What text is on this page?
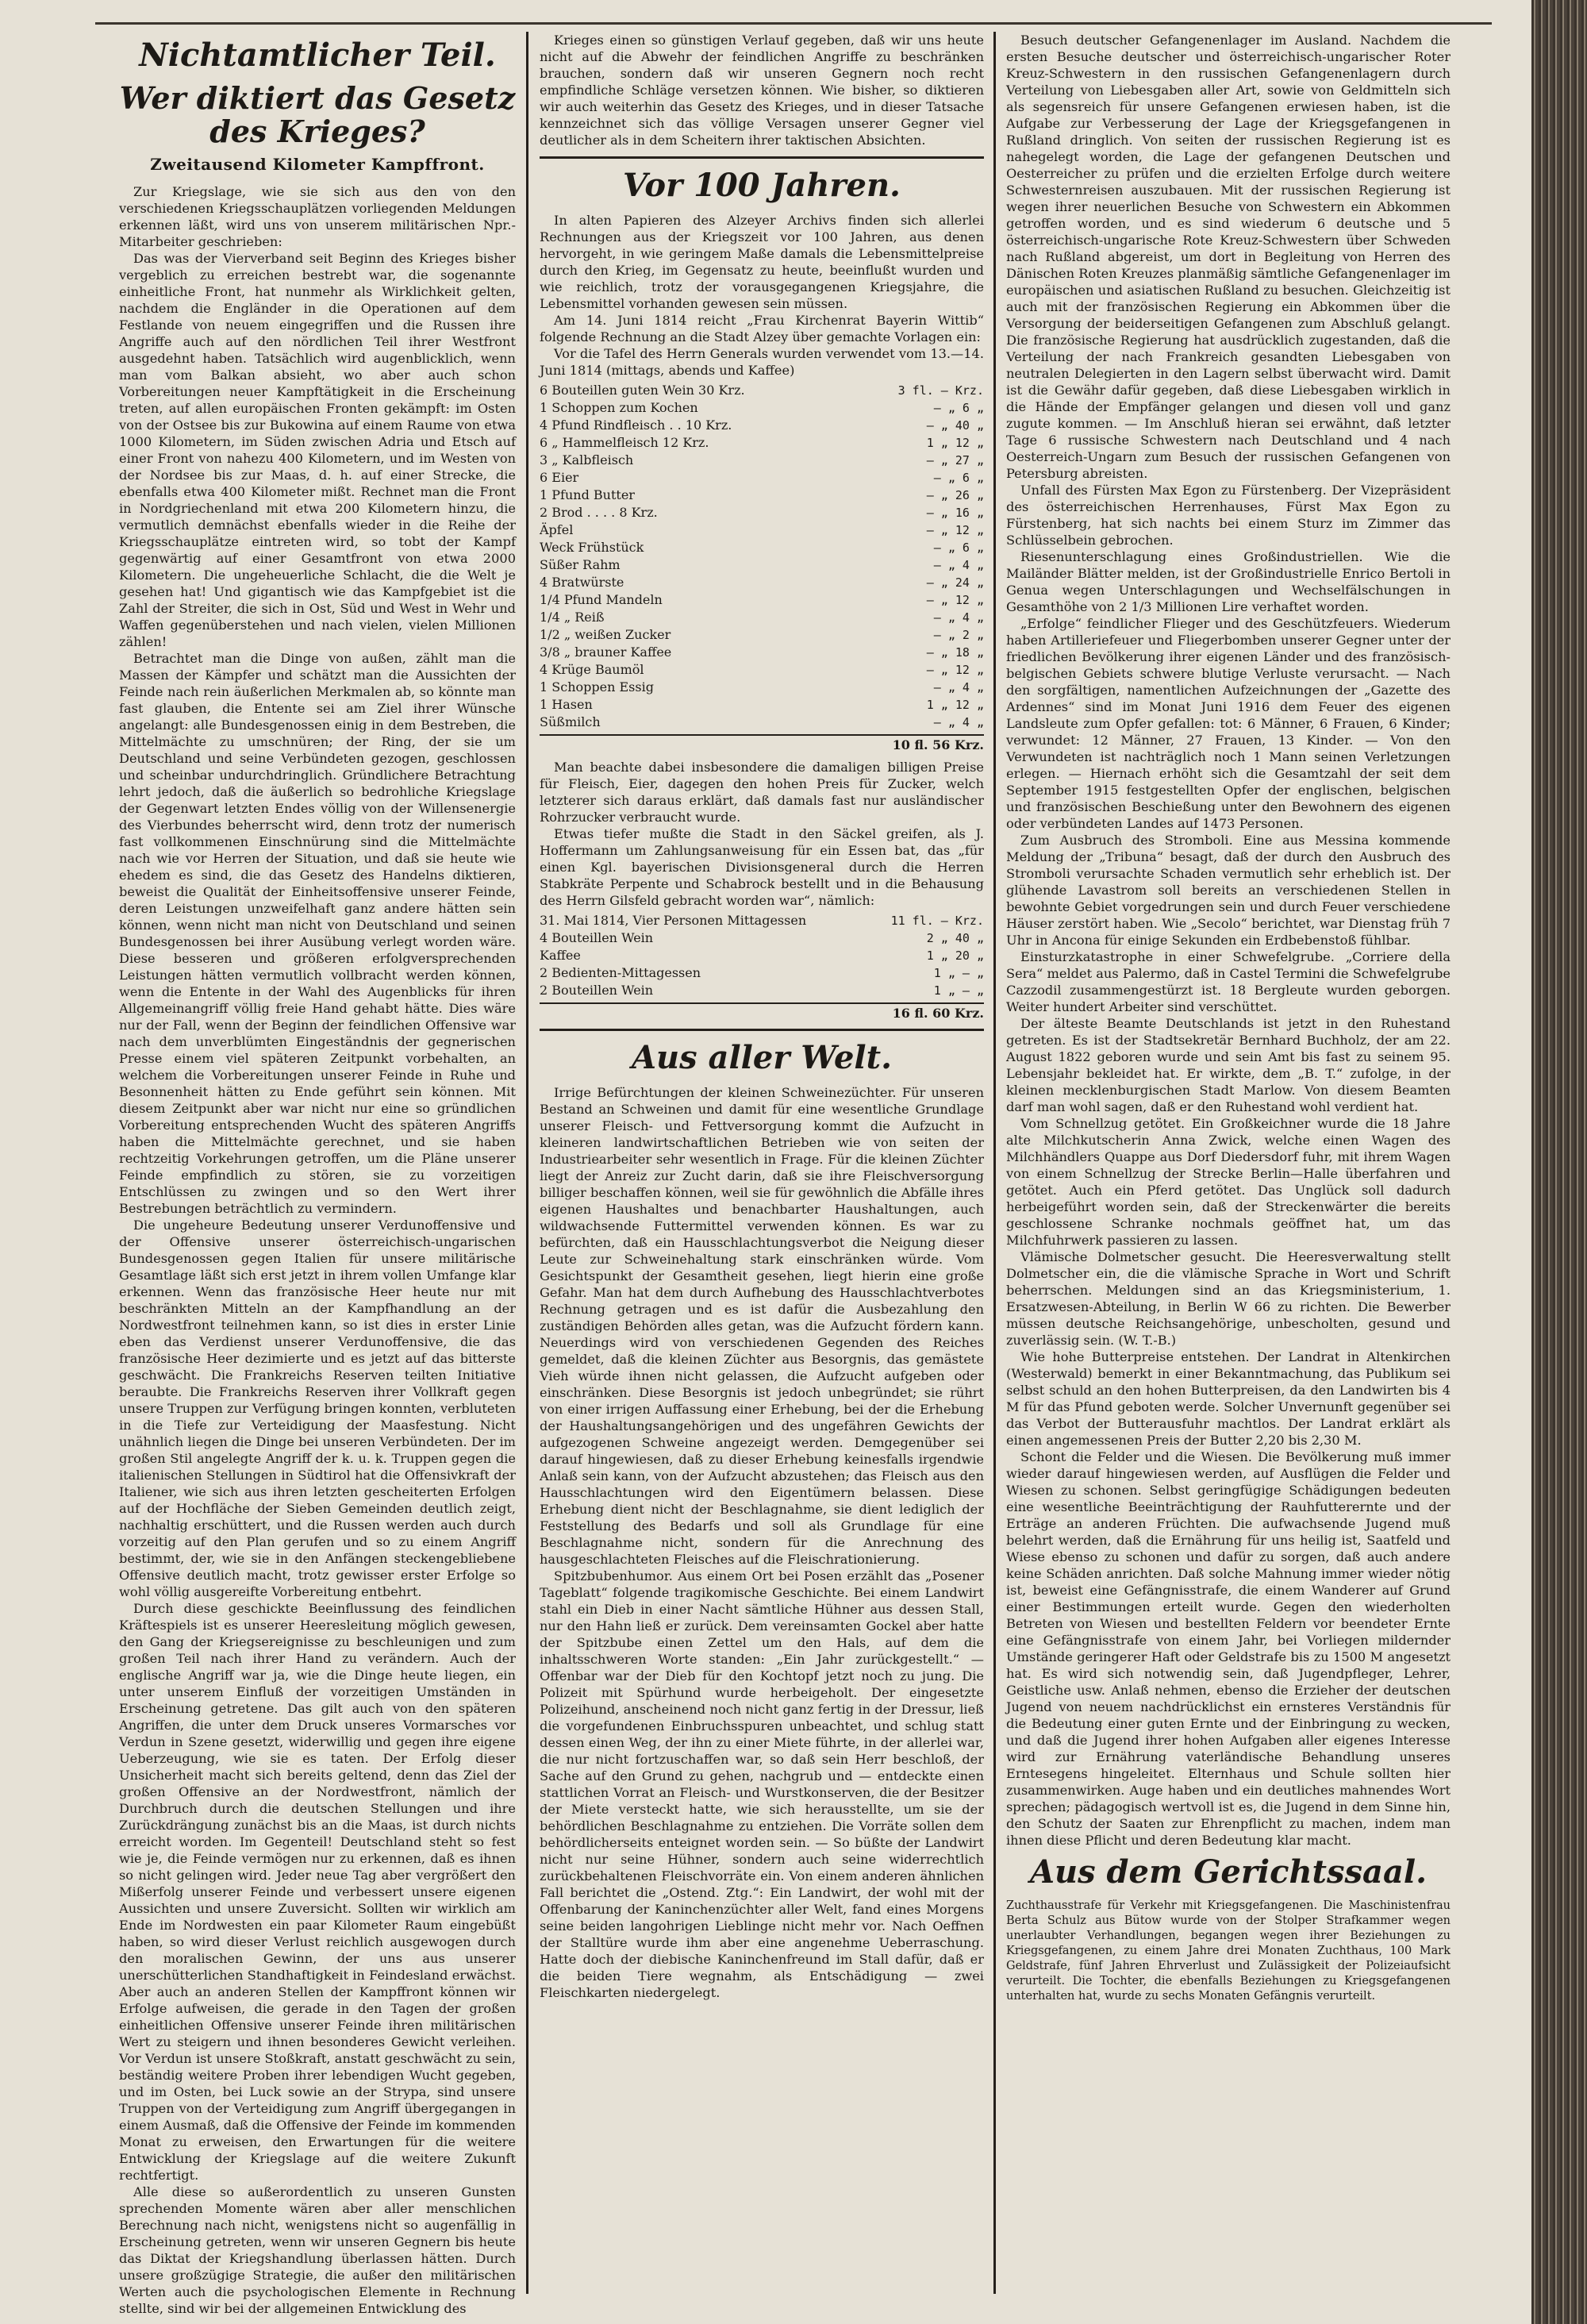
Nichtamtlicher Teil.
Wer diktiert das Gesetz des Krieges?
Zweitausend Kilometer Kampffront.

Zur Kriegslage, wie sie sich aus den von den verschiedenen Kriegsschauplätzen vorliegenden Meldungen erkennen läßt, wird uns von unserem militärischen Npr.-Mitarbeiter geschrieben:

Das was der Vierverband seit Beginn des Krieges bisher vergeblich zu erreichen bestrebt war, die sogenannte einheitliche Front, hat nunmehr als Wirklichkeit gelten, nachdem die Engländer in die Operationen auf dem Festlande von neuem eingegriffen und die Russen ihre Angriffe auch auf den nördlichen Teil ihrer Westfront ausgedehnt haben. Tatsächlich wird augenblicklich, wenn man vom Balkan absieht, wo aber auch schon Vorbereitungen neuer Kampftätigkeit in die Erscheinung treten, auf allen europäischen Fronten gekämpft: im Osten von der Ostsee bis zur Bukowina auf einem Raume von etwa 1000 Kilometern, im Süden zwischen Adria und Etsch auf einer Front von nahezu 400 Kilometern, und im Westen von der Nordsee bis zur Maas, d. h. auf einer Strecke, die ebenfalls etwa 400 Kilometer mißt. Rechnet man die Front in Nordgriechenland mit etwa 200 Kilometern hinzu, die vermutlich demnächst ebenfalls wieder in die Reihe der Kriegsschauplätze eintreten wird, so tobt der Kampf gegenwärtig auf einer Gesamtfront von etwa 2000 Kilometern. Die ungeheuerliche Schlacht, die die Welt je gesehen hat! Und gigantisch wie das Kampfgebiet ist die Zahl der Streiter, die sich in Ost, Süd und West in Wehr und Waffen gegenüberstehen und nach vielen, vielen Millionen zählen!

Betrachtet man die Dinge von außen, zählt man die Massen der Kämpfer und schätzt man die Aussichten der Feinde nach rein äußerlichen Merkmalen ab, so könnte man fast glauben, die Entente sei am Ziel ihrer Wünsche angelangt: alle Bundesgenossen einig in dem Bestreben, die Mittelmächte zu umschnüren; der Ring, der sie um Deutschland und seine Verbündeten gezogen, geschlossen und scheinbar undurchdringlich. Gründlichere Betrachtung lehrt jedoch, daß die äußerlich so bedrohliche Kriegslage der Gegenwart letzten Endes völlig von der Willensenergie des Vierbundes beherrscht wird, denn trotz der numerisch fast vollkommenen Einschnürung sind die Mittelmächte nach wie vor Herren der Situation, und daß sie heute wie ehedem es sind, die das Gesetz des Handelns diktieren, beweist die Qualität der Einheitsoffensive unserer Feinde, deren Leistungen unzweifelhaft ganz andere hätten sein können, wenn nicht man nicht von Deutschland und seinen Bundesgenossen bei ihrer Ausübung verlegt worden wäre. Diese besseren und größeren erfolgversprechenden Leistungen hätten vermutlich vollbracht werden können, wenn die Entente in der Wahl des Augenblicks für ihren Allgemeinangriff völlig freie Hand gehabt hätte. Dies wäre nur der Fall, wenn der Beginn der feindlichen Offensive war nach dem unverblümten Eingeständnis der gegnerischen Presse einem viel späteren Zeitpunkt vorbehalten, an welchem die Vorbereitungen unserer Feinde in Ruhe und Besonnenheit hätten zu Ende geführt sein können. Mit diesem Zeitpunkt aber war nicht nur eine so gründlichen Vorbereitung entsprechenden Wucht des späteren Angriffs haben die Mittelmächte gerechnet, und sie haben rechtzeitig Vorkehrungen getroffen, um die Pläne unserer Feinde empfindlich zu stören, sie zu vorzeitigen Entschlüssen zu zwingen und so den Wert ihrer Bestrebungen beträchtlich zu vermindern.

Die ungeheure Bedeutung unserer Verdunoffensive und der Offensive unserer österreichisch-ungarischen Bundesgenossen gegen Italien für unsere militärische Gesamtlage läßt sich erst jetzt in ihrem vollen Umfange klar erkennen. Wenn das französische Heer heute nur mit beschränkten Mitteln an der Kampfhandlung an der Nordwestfront teilnehmen kann, so ist dies in erster Linie eben das Verdienst unserer Verdunoffensive, die das französische Heer dezimierte und es jetzt auf das bitterste geschwächt. Die Frankreichs Reserven teilten Initiative beraubte. Die Frankreichs Reserven ihrer Vollkraft gegen unsere Truppen zur Verfügung bringen konnten, verbluteten in die Tiefe zur Verteidigung der Maasfestung. Nicht unähnlich liegen die Dinge bei unseren Verbündeten. Der im großen Stil angelegte Angriff der k. u. k. Truppen gegen die italienischen Stellungen in Südtirol hat die Offensivkraft der Italiener, wie sich aus ihren letzten gescheiterten Erfolgen auf der Hochfläche der Sieben Gemeinden deutlich zeigt, nachhaltig erschüttert, und die Russen werden auch durch vorzeitig auf den Plan gerufen und so zu einem Angriff bestimmt, der, wie sie in den Anfängen steckengebliebene Offensive deutlich macht, trotz gewisser erster Erfolge so wohl völlig ausgereifte Vorbereitung entbehrt.

Durch diese geschickte Beeinflussung des feindlichen Kräftespiels ist es unserer Heeresleitung möglich gewesen, den Gang der Kriegsereignisse zu beschleunigen und zum großen Teil nach ihrer Hand zu verändern. Auch der englische Angriff war ja, wie die Dinge heute liegen, ein unter unserem Einfluß der vorzeitigen Umständen in Erscheinung getretene. Das gilt auch von den späteren Angriffen, die unter dem Druck unseres Vormarsches vor Verdun in Szene gesetzt, widerwillig und gegen ihre eigene Ueberzeugung, wie sie es taten. Der Erfolg dieser Unsicherheit macht sich bereits geltend, denn das Ziel der großen Offensive an der Nordwestfront, nämlich der Durchbruch durch die deutschen Stellungen und ihre Zurückdrängung zunächst bis an die Maas, ist durch nichts erreicht worden. Im Gegenteil! Deutschland steht so fest wie je, die Feinde vermögen nur zu erkennen, daß es ihnen so nicht gelingen wird. Jeder neue Tag aber vergrößert den Mißerfolg unserer Feinde und verbessert unsere eigenen Aussichten und unsere Zuversicht. Sollten wir wirklich am Ende im Nordwesten ein paar Kilometer Raum eingebüßt haben, so wird dieser Verlust reichlich ausgewogen durch den moralischen Gewinn, der uns aus unserer unerschütterlichen Standhaftigkeit in Feindesland erwächst. Aber auch an anderen Stellen der Kampffront können wir Erfolge aufweisen, die gerade in den Tagen der großen einheitlichen Offensive unserer Feinde ihren militärischen Wert zu steigern und ihnen besonderes Gewicht verleihen. Vor Verdun ist unsere Stoßkraft, anstatt geschwächt zu sein, beständig weitere Proben ihrer lebendigen Wucht gegeben, und im Osten, bei Luck sowie an der Strypa, sind unsere Truppen von der Verteidigung zum Angriff übergegangen in einem Ausmaß, daß die Offensive der Feinde im kommenden Monat zu erweisen, den Erwartungen für die weitere Entwicklung der Kriegslage auf die weitere Zukunft rechtfertigt.

Alle diese so außerordentlich zu unseren Gunsten sprechenden Momente wären aber aller menschlichen Berechnung nach nicht, wenigstens nicht so augenfällig in Erscheinung getreten, wenn wir unseren Gegnern bis heute das Diktat der Kriegshandlung überlassen hätten. Durch unsere großzügige Strategie, die außer den militärischen Werten auch die psychologischen Elemente in Rechnung stellte, sind wir bei der allgemeinen Entwicklung des

Krieges einen so günstigen Verlauf gegeben, daß wir uns heute nicht auf die Abwehr der feindlichen Angriffe zu beschränken brauchen, sondern daß wir unseren Gegnern noch recht empfindliche Schläge versetzen können. Wie bisher, so diktieren wir auch weiterhin das Gesetz des Krieges, und in dieser Tatsache kennzeichnet sich das völlige Versagen unserer Gegner viel deutlicher als in dem Scheitern ihrer taktischen Absichten.

Vor 100 Jahren.

In alten Papieren des Alzeyer Archivs finden sich allerlei Rechnungen aus der Kriegszeit vor 100 Jahren, aus denen hervorgeht, in wie geringem Maße damals die Lebensmittelpreise durch den Krieg, im Gegensatz zu heute, beeinflußt wurden und wie reichlich, trotz der vorausgegangenen Kriegsjahre, die Lebensmittel vorhanden gewesen sein müssen.

Am 14. Juni 1814 reicht „Frau Kirchenrat Bayerin Wittib“ folgende Rechnung an die Stadt Alzey über gemachte Vorlagen ein:

Vor die Tafel des Herrn Generals wurden verwendet vom 13.—14. Juni 1814 (mittags, abends und Kaffee)

6 Bouteillen guten Wein 30 Krz.	3 fl. — Krz.
1 Schoppen zum Kochen	— „ 6 „
4 Pfund Rindfleisch . . 10 Krz.	— „ 40 „
6 „ Hammelfleisch 12 Krz.	1 „ 12 „
3 „ Kalbfleisch	— „ 27 „
6 Eier	— „ 6 „
1 Pfund Butter	— „ 26 „
2 Brod . . . . 8 Krz.	— „ 16 „
Äpfel	— „ 12 „
Weck Frühstück	— „ 6 „
Süßer Rahm	— „ 4 „
4 Bratwürste	— „ 24 „
1/4 Pfund Mandeln	— „ 12 „
1/4 „ Reiß	— „ 4 „
1/2 „ weißen Zucker	— „ 2 „
3/8 „ brauner Kaffee	— „ 18 „
4 Krüge Baumöl	— „ 12 „
1 Schoppen Essig	— „ 4 „
1 Hasen	1 „ 12 „
Süßmilch	— „ 4 „
10 fl. 56 Krz.

Man beachte dabei insbesondere die damaligen billigen Preise für Fleisch, Eier, dagegen den hohen Preis für Zucker, welch letzterer sich daraus erklärt, daß damals fast nur ausländischer Rohrzucker verbraucht wurde.

Etwas tiefer mußte die Stadt in den Säckel greifen, als J. Hoffermann um Zahlungsanweisung für ein Essen bat, das „für einen Kgl. bayerischen Divisionsgeneral durch die Herren Stabkräte Perpente und Schabrock bestellt und in die Behausung des Herrn Gilsfeld gebracht worden war“, nämlich:

31. Mai 1814, Vier Personen Mittagessen	11 fl. — Krz.
4 Bouteillen Wein	2 „ 40 „
Kaffee	1 „ 20 „
2 Bedienten-Mittagessen	1 „ — „
2 Bouteillen Wein	1 „ — „
16 fl. 60 Krz.
Aus aller Welt.

Irrige Befürchtungen der kleinen Schweinezüchter. Für unseren Bestand an Schweinen und damit für eine wesentliche Grundlage unserer Fleisch- und Fettversorgung kommt die Aufzucht in kleineren landwirtschaftlichen Betrieben wie von seiten der Industriearbeiter sehr wesentlich in Frage. Für die kleinen Züchter liegt der Anreiz zur Zucht darin, daß sie ihre Fleischversorgung billiger beschaffen können, weil sie für gewöhnlich die Abfälle ihres eigenen Haushaltes und benachbarter Haushaltungen, auch wildwachsende Futtermittel verwenden können. Es war zu befürchten, daß ein Hausschlachtungsverbot die Neigung dieser Leute zur Schweinehaltung stark einschränken würde. Vom Gesichtspunkt der Gesamtheit gesehen, liegt hierin eine große Gefahr. Man hat dem durch Aufhebung des Hausschlachtverbotes Rechnung getragen und es ist dafür die Ausbezahlung den zuständigen Behörden alles getan, was die Aufzucht fördern kann. Neuerdings wird von verschiedenen Gegenden des Reiches gemeldet, daß die kleinen Züchter aus Besorgnis, das gemästete Vieh würde ihnen nicht gelassen, die Aufzucht aufgeben oder einschränken. Diese Besorgnis ist jedoch unbegründet; sie rührt von einer irrigen Auffassung einer Erhebung, bei der die Erhebung der Haushaltungsangehörigen und des ungefähren Gewichts der aufgezogenen Schweine angezeigt werden. Demgegenüber sei darauf hingewiesen, daß zu dieser Erhebung keinesfalls irgendwie Anlaß sein kann, von der Aufzucht abzustehen; das Fleisch aus den Hausschlachtungen wird den Eigentümern belassen. Diese Erhebung dient nicht der Beschlagnahme, sie dient lediglich der Feststellung des Bedarfs und soll als Grundlage für eine Beschlagnahme nicht, sondern für die Anrechnung des hausgeschlachteten Fleisches auf die Fleischrationierung.

Spitzbubenhumor. Aus einem Ort bei Posen erzählt das „Posener Tageblatt“ folgende tragikomische Geschichte. Bei einem Landwirt stahl ein Dieb in einer Nacht sämtliche Hühner aus dessen Stall, nur den Hahn ließ er zurück. Dem vereinsamten Gockel aber hatte der Spitzbube einen Zettel um den Hals, auf dem die inhaltsschweren Worte standen: „Ein Jahr zurückgestellt.“ — Offenbar war der Dieb für den Kochtopf jetzt noch zu jung. Die Polizeit mit Spürhund wurde herbeigeholt. Der eingesetzte Polizeihund, anscheinend noch nicht ganz fertig in der Dressur, ließ die vorgefundenen Einbruchsspuren unbeachtet, und schlug statt dessen einen Weg, der ihn zu einer Miete führte, in der allerlei war, die nur nicht fortzuschaffen war, so daß sein Herr beschloß, der Sache auf den Grund zu gehen, nachgrub und — entdeckte einen stattlichen Vorrat an Fleisch- und Wurstkonserven, die der Besitzer der Miete versteckt hatte, wie sich herausstellte, um sie der behördlichen Beschlagnahme zu entziehen. Die Vorräte sollen dem behördlicherseits enteignet worden sein. — So büßte der Landwirt nicht nur seine Hühner, sondern auch seine widerrechtlich zurückbehaltenen Fleischvorräte ein. Von einem anderen ähnlichen Fall berichtet die „Ostend. Ztg.“: Ein Landwirt, der wohl mit der Offenbarung der Kaninchenzüchter aller Welt, fand eines Morgens seine beiden langohrigen Lieblinge nicht mehr vor. Nach Oeffnen der Stalltüre wurde ihm aber eine angenehme Ueberraschung. Hatte doch der diebische Kaninchenfreund im Stall dafür, daß er die beiden Tiere wegnahm, als Entschädigung — zwei Fleischkarten niedergelegt.

Besuch deutscher Gefangenenlager im Ausland. Nachdem die ersten Besuche deutscher und österreichisch-ungarischer Roter Kreuz-Schwestern in den russischen Gefangenenlagern durch Verteilung von Liebesgaben aller Art, sowie von Geldmitteln sich als segensreich für unsere Gefangenen erwiesen haben, ist die Aufgabe zur Verbesserung der Lage der Kriegsgefangenen in Rußland dringlich. Von seiten der russischen Regierung ist es nahegelegt worden, die Lage der gefangenen Deutschen und Oesterreicher zu prüfen und die erzielten Erfolge durch weitere Schwesternreisen auszubauen. Mit der russischen Regierung ist wegen ihrer neuerlichen Besuche von Schwestern ein Abkommen getroffen worden, und es sind wiederum 6 deutsche und 5 österreichisch-ungarische Rote Kreuz-Schwestern über Schweden nach Rußland abgereist, um dort in Begleitung von Herren des Dänischen Roten Kreuzes planmäßig sämtliche Gefangenenlager im europäischen und asiatischen Rußland zu besuchen. Gleichzeitig ist auch mit der französischen Regierung ein Abkommen über die Versorgung der beiderseitigen Gefangenen zum Abschluß gelangt. Die französische Regierung hat ausdrücklich zugestanden, daß die Verteilung der nach Frankreich gesandten Liebesgaben von neutralen Delegierten in den Lagern selbst überwacht wird. Damit ist die Gewähr dafür gegeben, daß diese Liebesgaben wirklich in die Hände der Empfänger gelangen und diesen voll und ganz zugute kommen. — Im Anschluß hieran sei erwähnt, daß letzter Tage 6 russische Schwestern nach Deutschland und 4 nach Oesterreich-Ungarn zum Besuch der russischen Gefangenen von Petersburg abreisten.

Unfall des Fürsten Max Egon zu Fürstenberg. Der Vizepräsident des österreichischen Herrenhauses, Fürst Max Egon zu Fürstenberg, hat sich nachts bei einem Sturz im Zimmer das Schlüsselbein gebrochen.

Riesenunterschlagung eines Großindustriellen. Wie die Mailänder Blätter melden, ist der Großindustrielle Enrico Bertoli in Genua wegen Unterschlagungen und Wechselfälschungen in Gesamthöhe von 2 1/3 Millionen Lire verhaftet worden.

„Erfolge“ feindlicher Flieger und des Geschützfeuers. Wiederum haben Artilleriefeuer und Fliegerbomben unserer Gegner unter der friedlichen Bevölkerung ihrer eigenen Länder und des französisch-belgischen Gebiets schwere blutige Verluste verursacht. — Nach den sorgfältigen, namentlichen Aufzeichnungen der „Gazette des Ardennes“ sind im Monat Juni 1916 dem Feuer des eigenen Landsleute zum Opfer gefallen: tot: 6 Männer, 6 Frauen, 6 Kinder; verwundet: 12 Männer, 27 Frauen, 13 Kinder. — Von den Verwundeten ist nachträglich noch 1 Mann seinen Verletzungen erlegen. — Hiernach erhöht sich die Gesamtzahl der seit dem September 1915 festgestellten Opfer der englischen, belgischen und französischen Beschießung unter den Bewohnern des eigenen oder verbündeten Landes auf 1473 Personen.

Zum Ausbruch des Stromboli. Eine aus Messina kommende Meldung der „Tribuna“ besagt, daß der durch den Ausbruch des Stromboli verursachte Schaden vermutlich sehr erheblich ist. Der glühende Lavastrom soll bereits an verschiedenen Stellen in bewohnte Gebiet vorgedrungen sein und durch Feuer verschiedene Häuser zerstört haben. Wie „Secolo“ berichtet, war Dienstag früh 7 Uhr in Ancona für einige Sekunden ein Erdbebenstoß fühlbar.

Einsturzkatastrophe in einer Schwefelgrube. „Corriere della Sera“ meldet aus Palermo, daß in Castel Termini die Schwefelgrube Cazzodil zusammengestürzt ist. 18 Bergleute wurden geborgen. Weiter hundert Arbeiter sind verschüttet.

Der älteste Beamte Deutschlands ist jetzt in den Ruhestand getreten. Es ist der Stadtsekretär Bernhard Buchholz, der am 22. August 1822 geboren wurde und sein Amt bis fast zu seinem 95. Lebensjahr bekleidet hat. Er wirkte, dem „B. T.“ zufolge, in der kleinen mecklenburgischen Stadt Marlow. Von diesem Beamten darf man wohl sagen, daß er den Ruhestand wohl verdient hat.

Vom Schnellzug getötet. Ein Großkeichner wurde die 18 Jahre alte Milchkutscherin Anna Zwick, welche einen Wagen des Milchhändlers Quappe aus Dorf Diedersdorf fuhr, mit ihrem Wagen von einem Schnellzug der Strecke Berlin—Halle überfahren und getötet. Auch ein Pferd getötet. Das Unglück soll dadurch herbeigeführt worden sein, daß der Streckenwärter die bereits geschlossene Schranke nochmals geöffnet hat, um das Milchfuhrwerk passieren zu lassen.

Vlämische Dolmetscher gesucht. Die Heeresverwaltung stellt Dolmetscher ein, die die vlämische Sprache in Wort und Schrift beherrschen. Meldungen sind an das Kriegsministerium, 1. Ersatzwesen-Abteilung, in Berlin W 66 zu richten. Die Bewerber müssen deutsche Reichsangehörige, unbescholten, gesund und zuverlässig sein. (W. T.-B.)

Wie hohe Butterpreise entstehen. Der Landrat in Altenkirchen (Westerwald) bemerkt in einer Bekanntmachung, das Publikum sei selbst schuld an den hohen Butterpreisen, da den Landwirten bis 4 M für das Pfund geboten werde. Solcher Unvernunft gegenüber sei das Verbot der Butterausfuhr machtlos. Der Landrat erklärt als einen angemessenen Preis der Butter 2,20 bis 2,30 M.

Schont die Felder und die Wiesen. Die Bevölkerung muß immer wieder darauf hingewiesen werden, auf Ausflügen die Felder und Wiesen zu schonen. Selbst geringfügige Schädigungen bedeuten eine wesentliche Beeinträchtigung der Rauhfutterernte und der Erträge an anderen Früchten. Die aufwachsende Jugend muß belehrt werden, daß die Ernährung für uns heilig ist, Saatfeld und Wiese ebenso zu schonen und dafür zu sorgen, daß auch andere keine Schäden anrichten. Daß solche Mahnung immer wieder nötig ist, beweist eine Gefängnisstrafe, die einem Wanderer auf Grund einer Bestimmungen erteilt wurde. Gegen den wiederholten Betreten von Wiesen und bestellten Feldern vor beendeter Ernte eine Gefängnisstrafe von einem Jahr, bei Vorliegen mildernder Umstände geringerer Haft oder Geldstrafe bis zu 1500 M angesetzt hat. Es wird sich notwendig sein, daß Jugendpfleger, Lehrer, Geistliche usw. Anlaß nehmen, ebenso die Erzieher der deutschen Jugend von neuem nachdrücklichst ein ernsteres Verständnis für die Bedeutung einer guten Ernte und der Einbringung zu wecken, und daß die Jugend ihrer hohen Aufgaben aller eigenes Interesse wird zur Ernährung vaterländische Behandlung unseres Erntesegens hingeleitet. Elternhaus und Schule sollten hier zusammenwirken. Auge haben und ein deutliches mahnendes Wort sprechen; pädagogisch wertvoll ist es, die Jugend in dem Sinne hin, den Schutz der Saaten zur Ehrenpflicht zu machen, indem man ihnen diese Pflicht und deren Bedeutung klar macht.

Aus dem Gerichtssaal.

Zuchthausstrafe für Verkehr mit Kriegsgefangenen. Die Maschinistenfrau Berta Schulz aus Bütow wurde von der Stolper Strafkammer wegen unerlaubter Verhandlungen, begangen wegen ihrer Beziehungen zu Kriegsgefangenen, zu einem Jahre drei Monaten Zuchthaus, 100 Mark Geldstrafe, fünf Jahren Ehrverlust und Zulässigkeit der Polizeiaufsicht verurteilt. Die Tochter, die ebenfalls Beziehungen zu Kriegsgefangenen unterhalten hat, wurde zu sechs Monaten Gefängnis verurteilt.
